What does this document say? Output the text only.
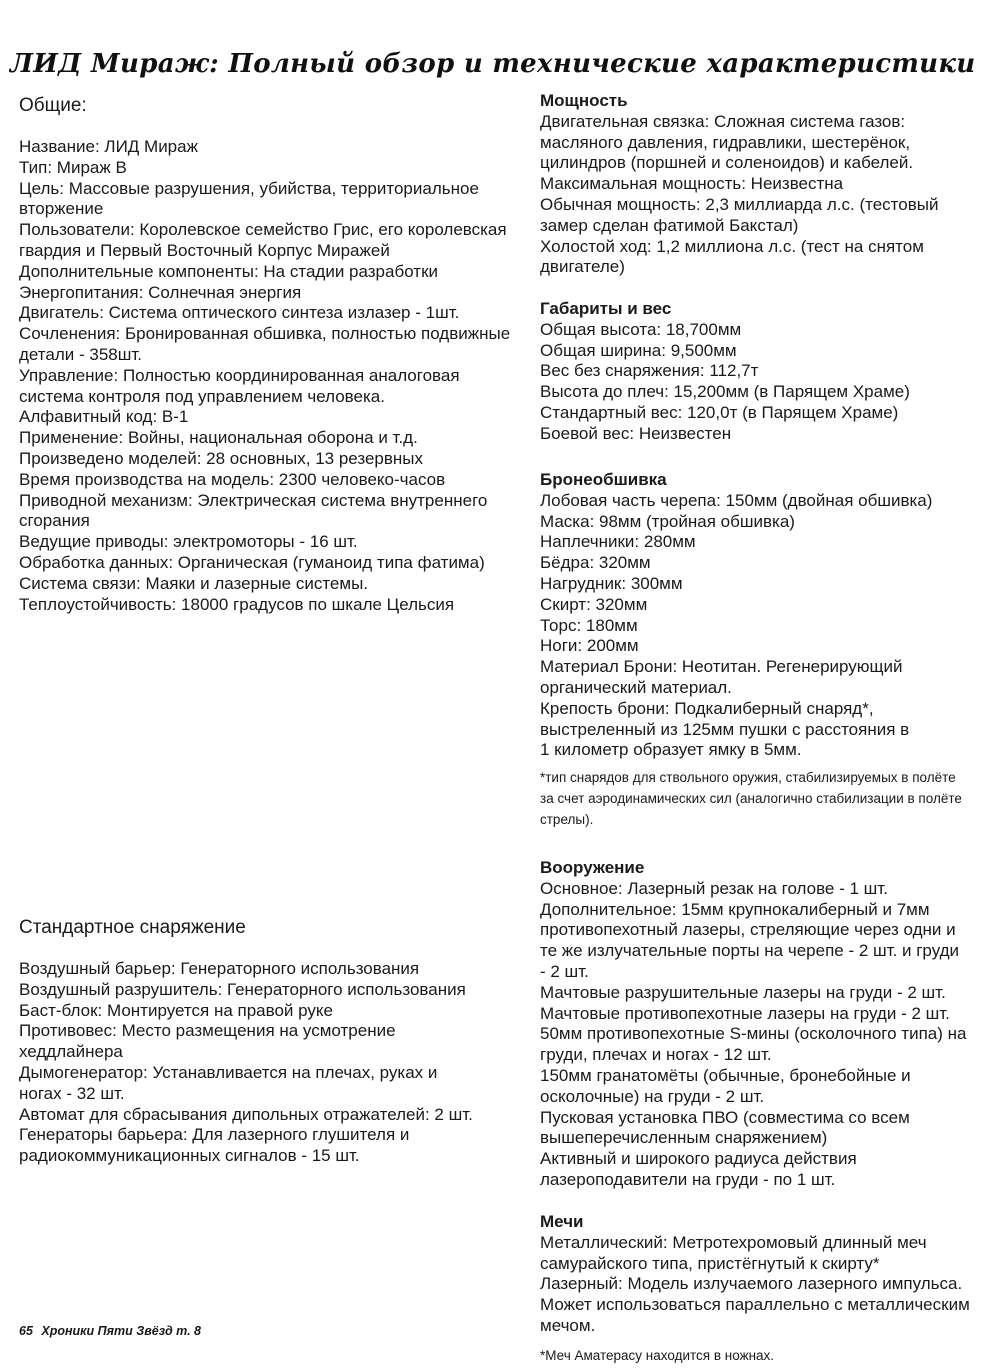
ЛИД Мираж: Полный обзор и технические характеристики

Общие:

Название: ЛИД Мираж

Тип: Мираж В

Цель: Массовые разрушения, убийства, территориальное

вторжение

Пользователи: Королевское семейство Грис, его королевская

гвардия и Первый Восточный Корпус Миражей

Дополнительные компоненты: На стадии разработки

Энергопитания: Солнечная энергия

Двигатель: Система оптического синтеза излазер - 1шт.

Сочленения: Бронированная обшивка, полностью подвижные

детали - 358шт.

Управление: Полностью координированная аналоговая

система контроля под управлением человека.

Алфавитный код: B-1

Применение: Войны, национальная оборона и т.д.

Произведено моделей: 28 основных, 13 резервных

Время производства на модель: 2300 человеко-часов

Приводной механизм: Электрическая система внутреннего

сгорания

Ведущие приводы: электромоторы - 16 шт.

Обработка данных: Органическая (гуманоид типа фатима)

Система связи: Маяки и лазерные системы.

Теплоустойчивость: 18000 градусов по шкале Цельсия

Стандартное снаряжение

Воздушный барьер: Генераторного использования

Воздушный разрушитель: Генераторного использования

Баст-блок: Монтируется на правой руке

Противовес: Место размещения на усмотрение

хеддлайнера

Дымогенератор: Устанавливается на плечах, руках и

ногах - 32 шт.

Автомат для сбрасывания дипольных отражателей: 2 шт.

Генераторы барьера: Для лазерного глушителя и

радиокоммуникационных сигналов - 15 шт.

Мощность

Двигательная связка: Сложная система газов:

масляного давления, гидравлики, шестерёнок,

цилиндров (поршней и соленоидов) и кабелей.

Максимальная мощность: Неизвестна

Обычная мощность: 2,3 миллиарда л.с. (тестовый

замер сделан фатимой Бакстал)

Холостой ход: 1,2 миллиона л.с. (тест на снятом

двигателе)

Габариты и вес

Общая высота: 18,700мм

Общая ширина: 9,500мм

Вес без снаряжения: 112,7т

Высота до плеч: 15,200мм (в Парящем Храме)

Стандартный вес: 120,0т (в Парящем Храме)

Боевой вес: Неизвестен

Бронеобшивка

Лобовая часть черепа: 150мм (двойная обшивка)

Маска: 98мм (тройная обшивка)

Наплечники: 280мм

Бёдра: 320мм

Нагрудник: 300мм

Скирт: 320мм

Торс: 180мм

Ноги: 200мм

Материал Брони: Неотитан. Регенерирующий

органический материал.

Крепость брони: Подкалиберный снаряд*,

выстреленный из 125мм пушки с расстояния в

1 километр образует ямку в 5мм.

*тип снарядов для ствольного оружия, стабилизируемых в полёте

за счет аэродинамических сил (аналогично стабилизации в полёте

стрелы).

Вооружение

Основное: Лазерный резак на голове - 1 шт.

Дополнительное: 15мм крупнокалиберный и 7мм

противопехотный лазеры, стреляющие через одни и

те же излучательные порты на черепе - 2 шт. и груди

- 2 шт.

Мачтовые разрушительные лазеры на груди - 2 шт.

Мачтовые противопехотные лазеры на груди - 2 шт.

50мм противопехотные S-мины (осколочного типа) на

груди, плечах и ногах - 12 шт.

150мм гранатомёты (обычные, бронебойные и

осколочные) на груди - 2 шт.

Пусковая установка ПВО (совместима со всем

вышеперечисленным снаряжением)

Активный и широкого радиуса действия

лазероподавители на груди - по 1 шт.

Мечи

Металлический: Метротехромовый длинный меч

самурайского типа, пристёгнутый к скирту*

Лазерный: Модель излучаемого лазерного импульса.

Может использоваться параллельно с металлическим

мечом.

*Меч Аматерасу находится в ножнах.
65 Хроники Пяти Звёзд т. 8
